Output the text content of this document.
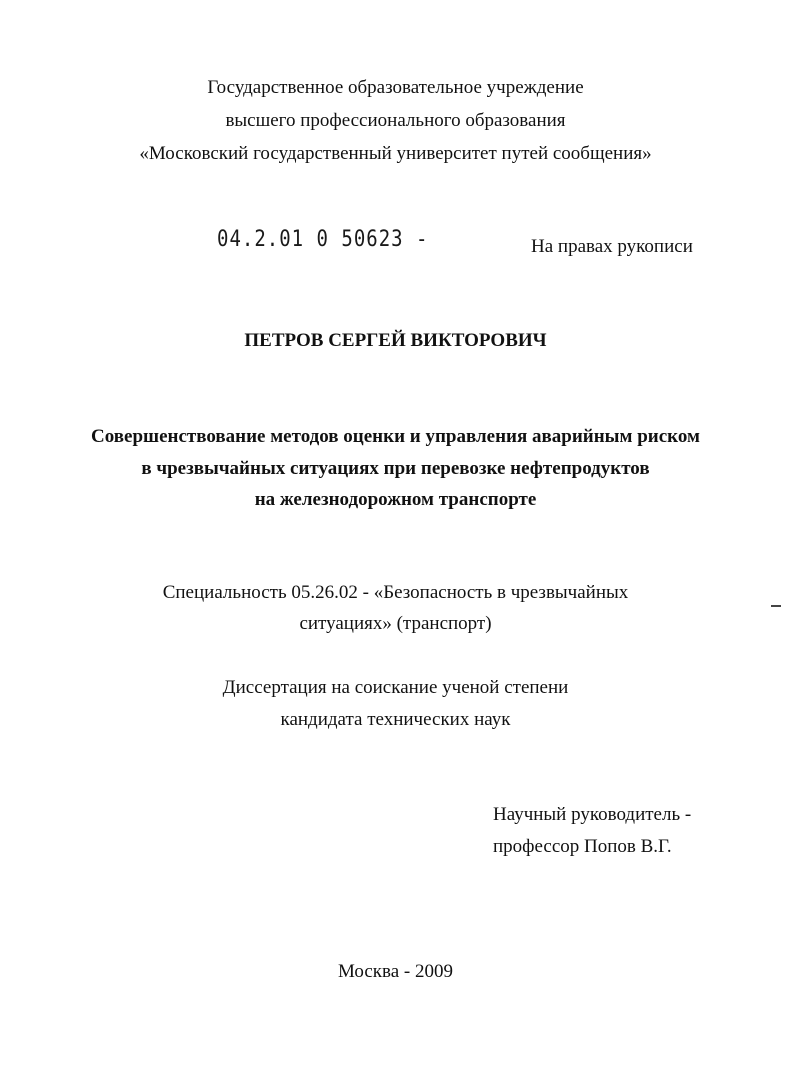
Государственное образовательное учреждение
высшего профессионального образования
«Московский государственный университет путей сообщения»
04.2.01 0 50623 -	На правах рукописи
ПЕТРОВ СЕРГЕЙ ВИКТОРОВИЧ
Совершенствование методов оценки и управления аварийным риском
в чрезвычайных ситуациях при перевозке нефтепродуктов
на железнодорожном транспорте
Специальность 05.26.02 - «Безопасность в чрезвычайных
ситуациях» (транспорт)
Диссертация на соискание ученой степени
кандидата технических наук
Научный руководитель -
профессор Попов В.Г.
Москва - 2009
